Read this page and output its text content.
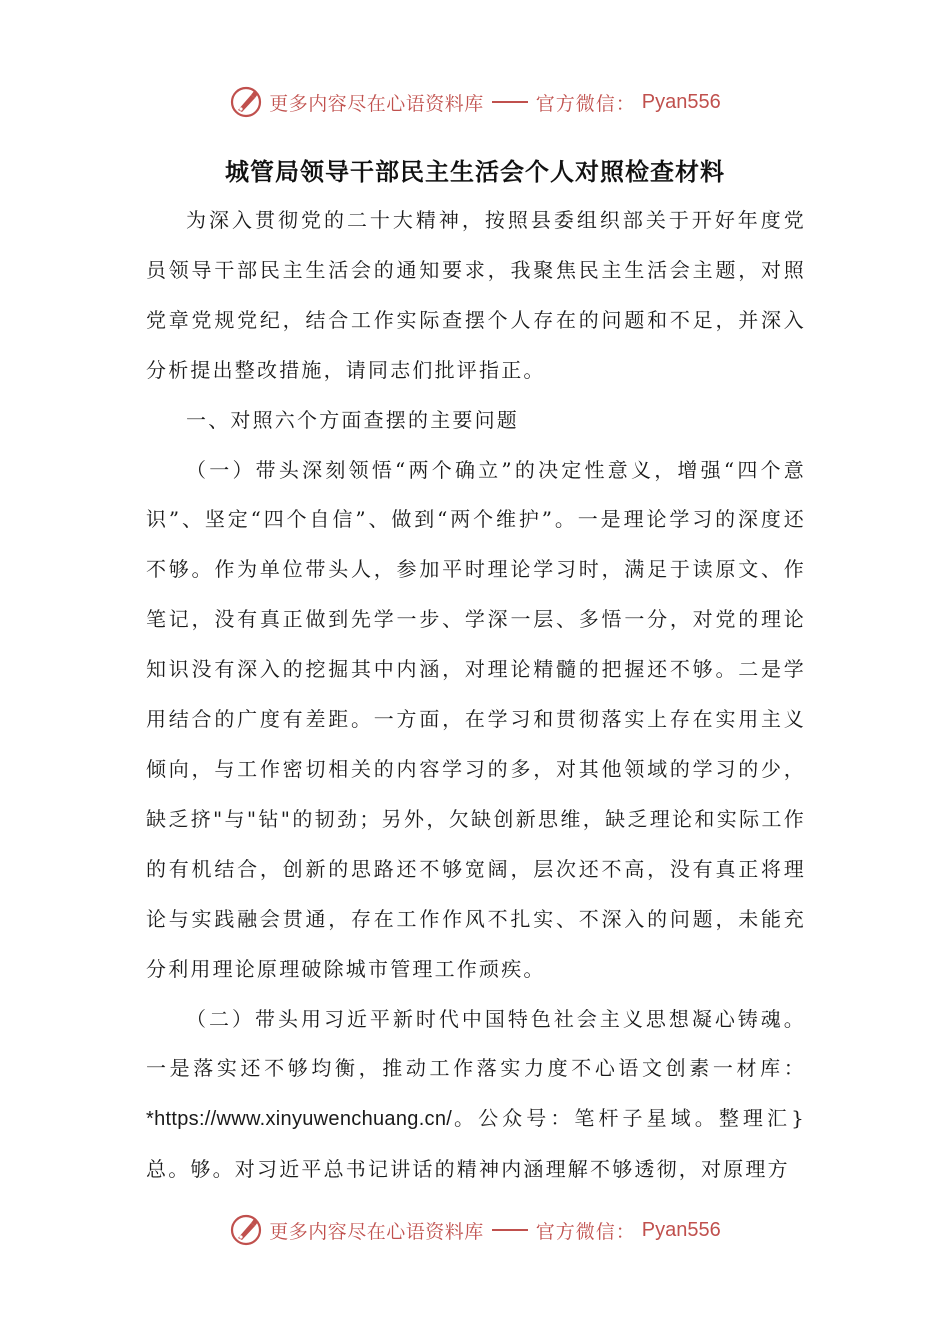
更多内容尽在心语资料库	官方微信： Pyan556
城管局领导干部民主生活会个人对照检查材料

为深入贯彻党的二十大精神，按照县委组织部关于开好年度党员领导干部民主生活会的通知要求，我聚焦民主生活会主题，对照党章党规党纪，结合工作实际查摆个人存在的问题和不足，并深入分析提出整改措施，请同志们批评指正。

一、对照六个方面查摆的主要问题

（一）带头深刻领悟“两个确立”的决定性意义，增强“四个意识”、坚定“四个自信”、做到“两个维护”。一是理论学习的深度还不够。作为单位带头人，参加平时理论学习时，满足于读原文、作笔记，没有真正做到先学一步、学深一层、多悟一分，对党的理论知识没有深入的挖掘其中内涵，对理论精髓的把握还不够。二是学用结合的广度有差距。一方面，在学习和贯彻落实上存在实用主义倾向，与工作密切相关的内容学习的多，对其他领域的学习的少，缺乏挤"与"钻"的韧劲；另外，欠缺创新思维，缺乏理论和实际工作的有机结合，创新的思路还不够宽阔，层次还不高，没有真正将理论与实践融会贯通，存在工作作风不扎实、不深入的问题，未能充分利用理论原理破除城市管理工作顽疾。

（二）带头用习近平新时代中国特色社会主义思想凝心铸魂。一是落实还不够均衡，推动工作落实力度不心语文创素一材库：*https://www.xinyuwenchuang.cn/。公众号：笔杆子星域。整理汇}总。够。对习近平总书记讲话的精神内涵理解不够透彻，对原理方

更多内容尽在心语资料库	官方微信： Pyan556
